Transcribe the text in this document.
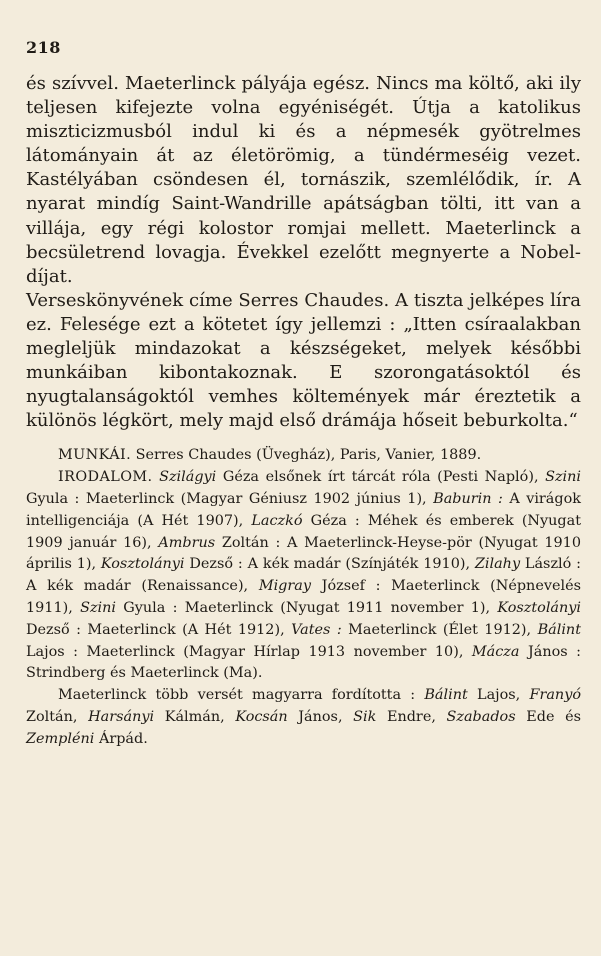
218

és szívvel. Maeterlinck pályája egész. Nincs ma költő, aki ily teljesen kifejezte volna egyéniségét. Útja a katolikus miszticizmusból indul ki és a népmesék gyötrelmes látományain át az életörömig, a tündérmeséig vezet. Kastélyában csöndesen él, tornászik, szemlélődik, ír. A nyarat mindíg Saint-Wandrille apátságban tölti, itt van a villája, egy régi kolostor romjai mellett. Maeterlinck a becsületrend lovagja. Évekkel ezelőtt megnyerte a Nobel-díjat.

Verseskönyvének címe Serres Chaudes. A tiszta jelképes líra ez. Felesége ezt a kötetet így jellemzi : „Itten csíraalakban megleljük mindazokat a készségeket, melyek későbbi munkáiban kibontakoznak. E szorongatásoktól és nyugtalanságoktól vemhes költemények már éreztetik a különös légkört, mely majd első drámája hőseit beburkolta.“

MUNKÁI. Serres Chaudes (Üvegház), Paris, Vanier, 1889.

IRODALOM. Szilágyi Géza elsőnek írt tárcát róla (Pesti Napló), Szini Gyula : Maeterlinck (Magyar Géniusz 1902 június 1), Baburin : A virágok intelligenciája (A Hét 1907), Laczkó Géza : Méhek és emberek (Nyugat 1909 január 16), Ambrus Zoltán : A Maeterlinck-Heyse-pör (Nyugat 1910 április 1), Kosztolányi Dezső : A kék madár (Színjáték 1910), Zilahy László : A kék madár (Renaissance), Migray József : Maeterlinck (Népnevelés 1911), Szini Gyula : Maeterlinck (Nyugat 1911 november 1), Kosztolányi Dezső : Maeterlinck (A Hét 1912), Vates : Maeterlinck (Élet 1912), Bálint Lajos : Maeterlinck (Magyar Hírlap 1913 november 10), Mácza János : Strindberg és Maeterlinck (Ma).

Maeterlinck több versét magyarra fordította : Bálint Lajos, Franyó Zoltán, Harsányi Kálmán, Kocsán János, Sik Endre, Szabados Ede és Zempléni Árpád.
